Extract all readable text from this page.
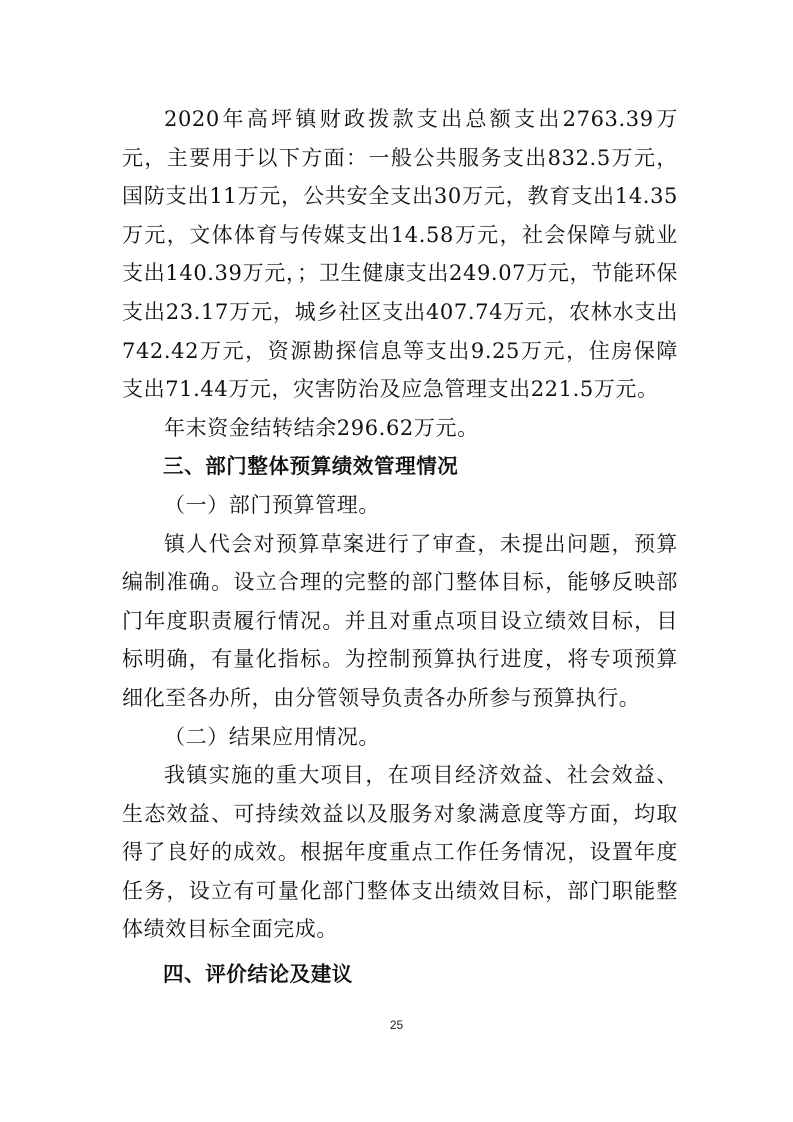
2020年高坪镇财政拨款支出总额支出2763.39万元，主要用于以下方面：一般公共服务支出832.5万元，国防支出11万元，公共安全支出30万元，教育支出14.35万元，文体体育与传媒支出14.58万元，社会保障与就业支出140.39万元，；卫生健康支出249.07万元，节能环保支出23.17万元，城乡社区支出407.74万元，农林水支出742.42万元，资源勘探信息等支出9.25万元，住房保障支出71.44万元，灾害防治及应急管理支出221.5万元。

年末资金结转结余296.62万元。

三、部门整体预算绩效管理情况

（一）部门预算管理。

镇人代会对预算草案进行了审查，未提出问题，预算编制准确。设立合理的完整的部门整体目标，能够反映部门年度职责履行情况。并且对重点项目设立绩效目标，目标明确，有量化指标。为控制预算执行进度，将专项预算细化至各办所，由分管领导负责各办所参与预算执行。

（二）结果应用情况。

我镇实施的重大项目，在项目经济效益、社会效益、生态效益、可持续效益以及服务对象满意度等方面，均取得了良好的成效。根据年度重点工作任务情况，设置年度任务，设立有可量化部门整体支出绩效目标，部门职能整体绩效目标全面完成。

四、评价结论及建议

25
